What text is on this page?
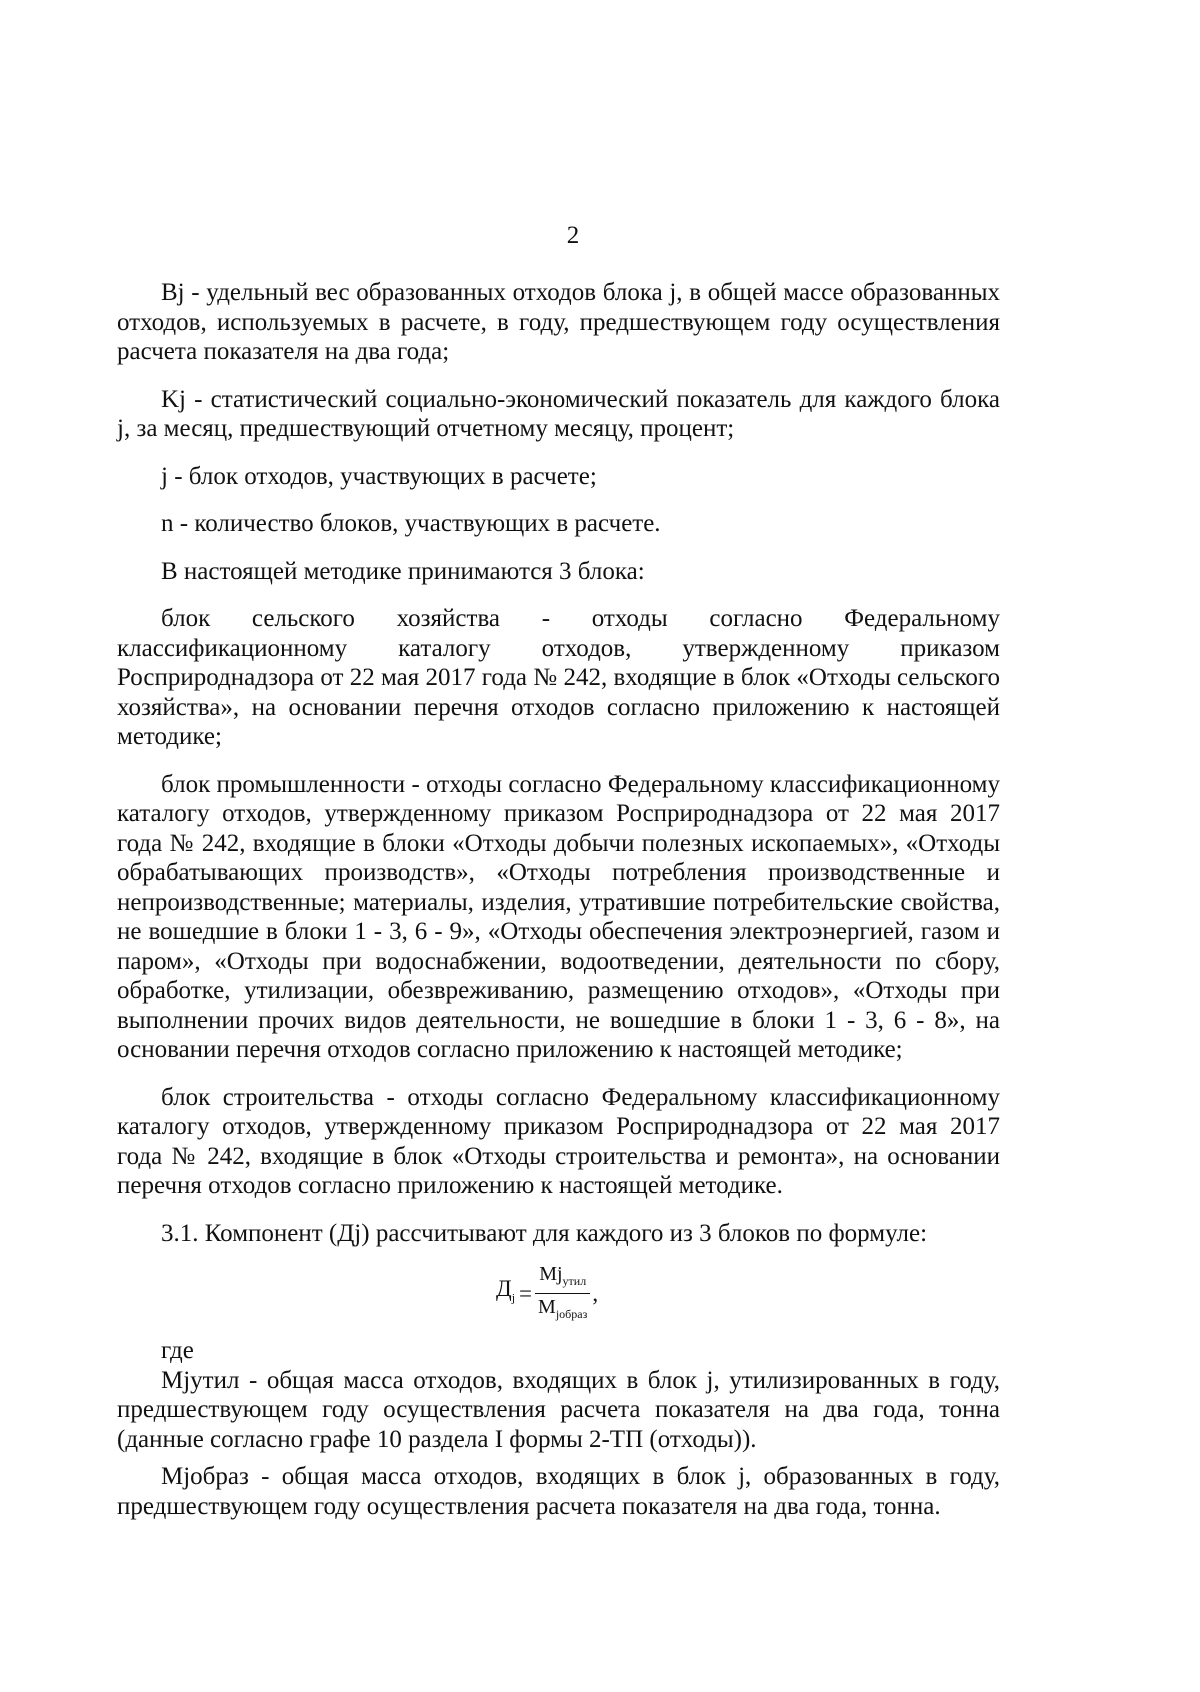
2

Bj - удельный вес образованных отходов блока j, в общей массе образованных отходов, используемых в расчете, в году, предшествующем году осуществления расчета показателя на два года;

Kj - статистический социально-экономический показатель для каждого блока j, за месяц, предшествующий отчетному месяцу, процент;

j - блок отходов, участвующих в расчете;

n - количество блоков, участвующих в расчете.

В настоящей методике принимаются 3 блока:

блок сельского хозяйства - отходы согласно Федеральному классификационному каталогу отходов, утвержденному приказом Росприроднадзора от 22 мая 2017 года № 242, входящие в блок «Отходы сельского хозяйства», на основании перечня отходов согласно приложению к настоящей методике;

блок промышленности - отходы согласно Федеральному классификационному каталогу отходов, утвержденному приказом Росприроднадзора от 22 мая 2017 года № 242, входящие в блоки «Отходы добычи полезных ископаемых», «Отходы обрабатывающих производств», «Отходы потребления производственные и непроизводственные; материалы, изделия, утратившие потребительские свойства, не вошедшие в блоки 1 - 3, 6 - 9», «Отходы обеспечения электроэнергией, газом и паром», «Отходы при водоснабжении, водоотведении, деятельности по сбору, обработке, утилизации, обезвреживанию, размещению отходов», «Отходы при выполнении прочих видов деятельности, не вошедшие в блоки 1 - 3, 6 - 8», на основании перечня отходов согласно приложению к настоящей методике;

блок строительства - отходы согласно Федеральному классификационному каталогу отходов, утвержденному приказом Росприроднадзора от 22 мая 2017 года № 242, входящие в блок «Отходы строительства и ремонта», на основании перечня отходов согласно приложению к настоящей методике.

3.1. Компонент (Дj) рассчитывают для каждого из 3 блоков по формуле:

$Д_j = \frac{Мj_{утил}}{М_{jобраз}}$ ,

где

Мjутил - общая масса отходов, входящих в блок j, утилизированных в году, предшествующем году осуществления расчета показателя на два года, тонна (данные согласно графе 10 раздела I формы 2-ТП (отходы)).

Мjобраз - общая масса отходов, входящих в блок j, образованных в году, предшествующем году осуществления расчета показателя на два года, тонна.
